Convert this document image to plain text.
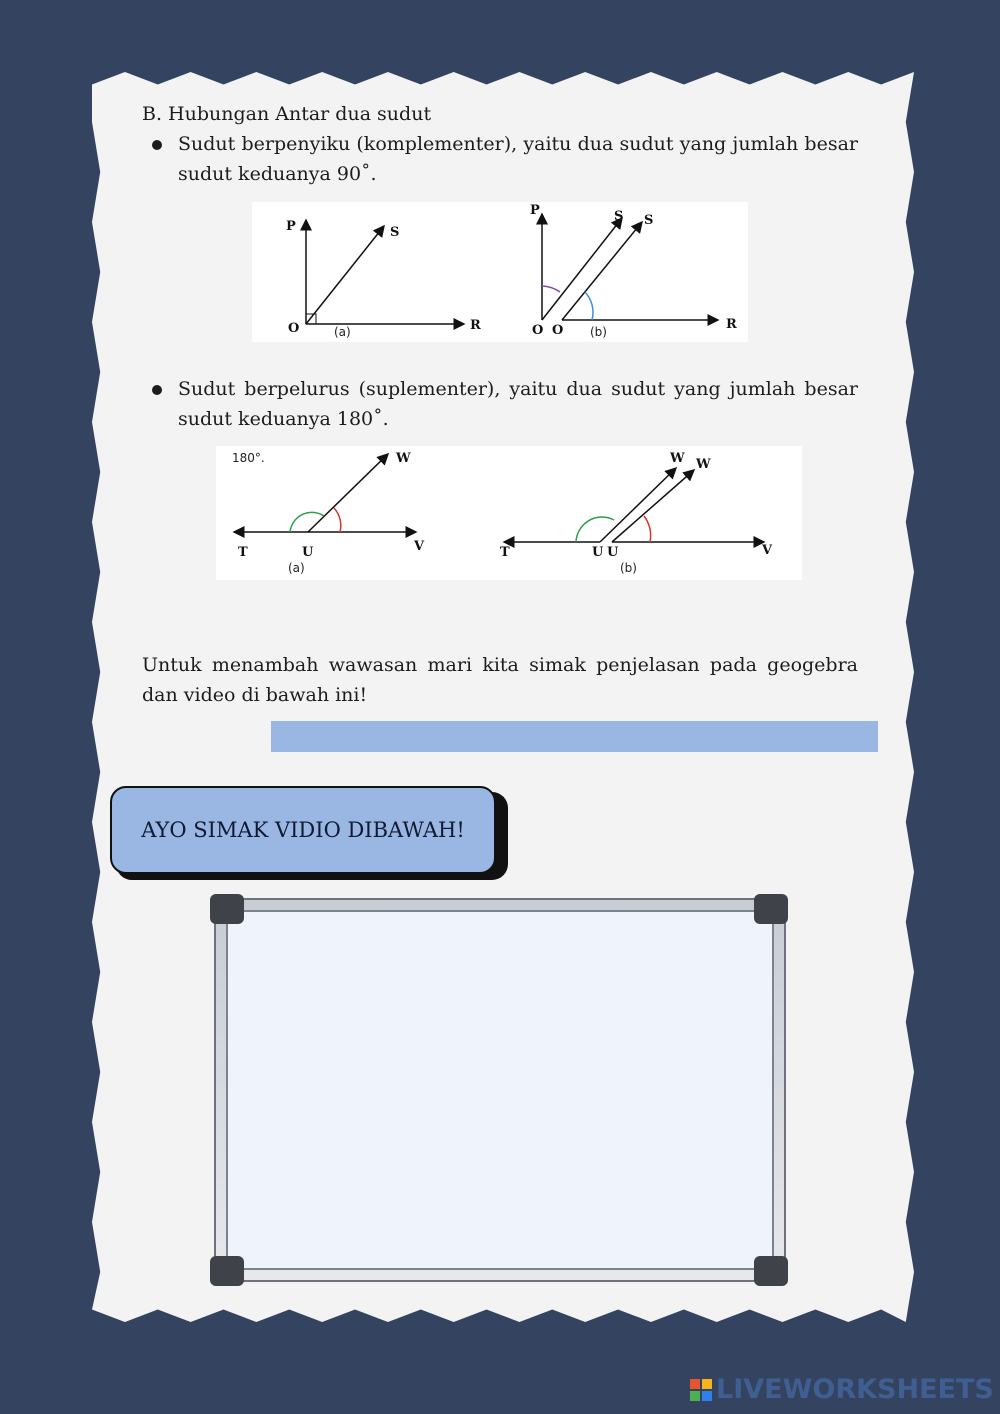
B. Hubungan Antar dua sudut
Sudut berpenyiku (komplementer), yaitu dua sudut yang jumlah besar sudut keduanya 90˚.
P	S
O	R
(a)
P	S S
O O	R
(b)
Sudut berpelurus (suplementer), yaitu dua sudut yang jumlah besar sudut keduanya 180˚.
180°.	W
T	U	V
(a)
W W
T	U U	V
(b)
Untuk menambah wawasan mari kita simak penjelasan pada geogebra dan video di bawah ini!
AYO SIMAK VIDIO DIBAWAH!
LIVEWORKSHEETS
